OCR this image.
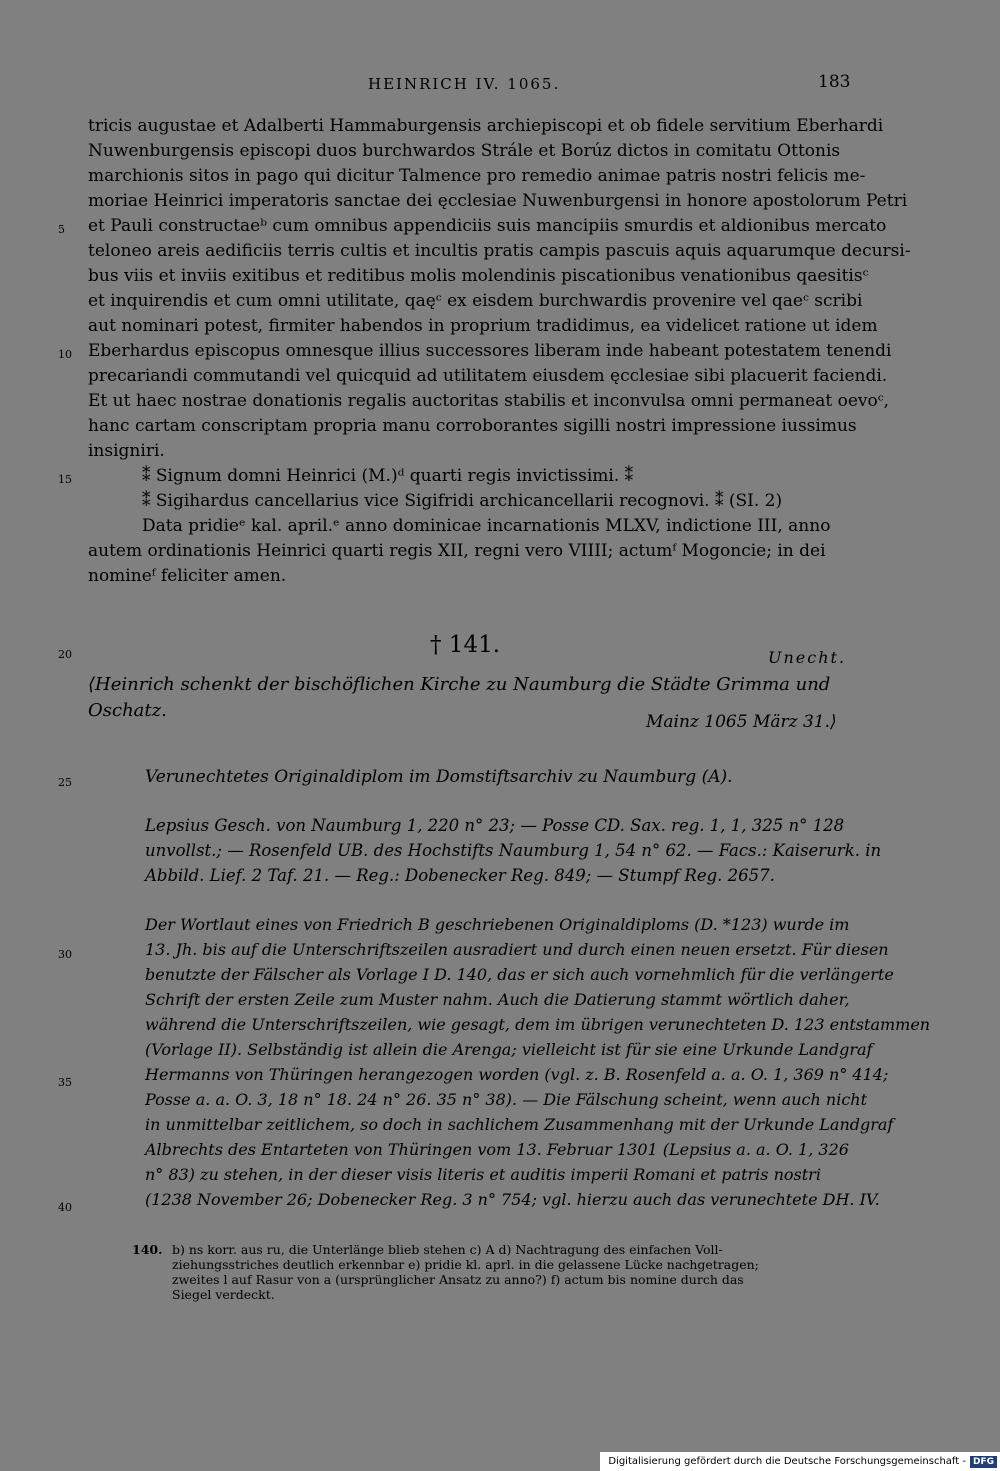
HEINRICH IV. 1065.	183
tricis augustae et Adalberti Hammaburgensis archiepiscopi et ob fidele servitium Eberhardi
Nuwenburgensis episcopi duos burchwardos Strále et Borúz dictos in comitatu Ottonis
marchionis sitos in pago qui dicitur Talmence pro remedio animae patris nostri felicis me-
moriae Heinrici imperatoris sanctae dei ęcclesiae Nuwenburgensi in honore apostolorum Petri
et Pauli constructaeᵇ cum omnibus appendiciis suis mancipiis smurdis et aldionibus mercato
teloneo areis aedificiis terris cultis et incultis pratis campis pascuis aquis aquarumque decursi-
bus viis et inviis exitibus et reditibus molis molendinis piscationibus venationibus qaesitisᶜ
et inquirendis et cum omni utilitate, qaęᶜ ex eisdem burchwardis provenire vel qaeᶜ scribi
aut nominari potest, firmiter habendos in proprium tradidimus, ea videlicet ratione ut idem
Eberhardus episcopus omnesque illius successores liberam inde habeant potestatem tenendi
precariandi commutandi vel quicquid ad utilitatem eiusdem ęcclesiae sibi placuerit faciendi.
Et ut haec nostrae donationis regalis auctoritas stabilis et inconvulsa omni permaneat oevoᶜ,
hanc cartam conscriptam propria manu corroborantes sigilli nostri impressione iussimus
insigniri.
⁑ Signum domni Heinrici (M.)ᵈ quarti regis invictissimi. ⁑
⁑ Sigihardus cancellarius vice Sigifridi archicancellarii recognovi. ⁑ (SI. 2)
Data pridieᵉ kal. april.ᵉ anno dominicae incarnationis MLXV, indictione III, anno
autem ordinationis Heinrici quarti regis XII, regni vero VIIII; actumᶠ Mogoncie; in dei
nomineᶠ feliciter amen.
5
10
15
20
25
30
35
40
† 141.	Unecht.
⟨Heinrich schenkt der bischöflichen Kirche zu Naumburg die Städte Grimma und
Oschatz.
Mainz 1065 März 31.⟩
Verunechtetes Originaldiplom im Domstiftsarchiv zu Naumburg (A).
Lepsius Gesch. von Naumburg 1, 220 n° 23; — Posse CD. Sax. reg. 1, 1, 325 n° 128
unvollst.; — Rosenfeld UB. des Hochstifts Naumburg 1, 54 n° 62. — Facs.: Kaiserurk. in
Abbild. Lief. 2 Taf. 21. — Reg.: Dobenecker Reg. 849; — Stumpf Reg. 2657.
Der Wortlaut eines von Friedrich B geschriebenen Originaldiploms (D. *123) wurde im
13. Jh. bis auf die Unterschriftszeilen ausradiert und durch einen neuen ersetzt. Für diesen
benutzte der Fälscher als Vorlage I D. 140, das er sich auch vornehmlich für die verlängerte
Schrift der ersten Zeile zum Muster nahm. Auch die Datierung stammt wörtlich daher,
während die Unterschriftszeilen, wie gesagt, dem im übrigen verunechteten D. 123 entstammen
(Vorlage II). Selbständig ist allein die Arenga; vielleicht ist für sie eine Urkunde Landgraf
Hermanns von Thüringen herangezogen worden (vgl. z. B. Rosenfeld a. a. O. 1, 369 n° 414;
Posse a. a. O. 3, 18 n° 18. 24 n° 26. 35 n° 38). — Die Fälschung scheint, wenn auch nicht
in unmittelbar zeitlichem, so doch in sachlichem Zusammenhang mit der Urkunde Landgraf
Albrechts des Entarteten von Thüringen vom 13. Februar 1301 (Lepsius a. a. O. 1, 326
n° 83) zu stehen, in der dieser visis literis et auditis imperii Romani et patris nostri
(1238 November 26; Dobenecker Reg. 3 n° 754; vgl. hierzu auch das verunechtete DH. IV.
140. b) ns korr. aus ru, die Unterlänge blieb stehen c) A d) Nachtragung des einfachen Voll-
ziehungsstriches deutlich erkennbar e) pridie kl. aprl. in die gelassene Lücke nachgetragen;
zweites l auf Rasur von a (ursprünglicher Ansatz zu anno?) f) actum bis nomine durch das
Siegel verdeckt.
Digitalisierung gefördert durch die Deutsche Forschungsgemeinschaft - DFG
